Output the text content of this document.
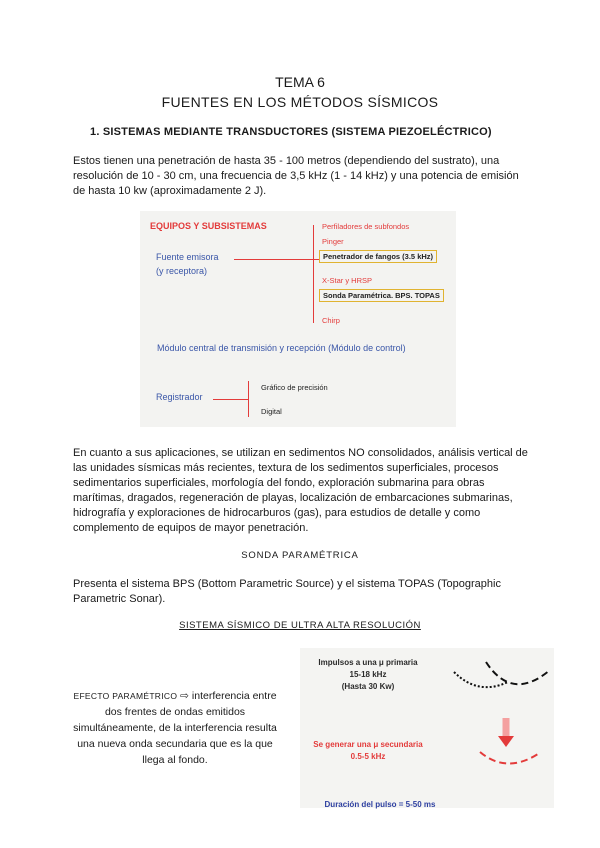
TEMA 6
FUENTES EN LOS MÉTODOS SÍSMICOS
1. SISTEMAS MEDIANTE TRANSDUCTORES (SISTEMA PIEZOELÉCTRICO)
Estos tienen una penetración de hasta 35 - 100 metros (dependiendo del sustrato), una resolución de 10 - 30 cm, una frecuencia de 3,5 kHz (1 - 14 kHz) y una potencia de emisión de hasta 10 kw (aproximadamente 2 J).
EQUIPOS Y SUBSISTEMAS
Fuente emisora
(y receptora)
Perfiladores de subfondos
Pinger
Penetrador de fangos (3.5 kHz)
X-Star y HRSP
Sonda Paramétrica. BPS. TOPAS
Chirp
Módulo central de transmisión y recepción (Módulo de control)
Registrador
Gráfico de precisión
Digital
En cuanto a sus aplicaciones, se utilizan en sedimentos NO consolidados, análisis vertical de las unidades sísmicas más recientes, textura de los sedimentos superficiales, procesos sedimentarios superficiales, morfología del fondo, exploración submarina para obras marítimas, dragados, regeneración de playas, localización de embarcaciones submarinas, hidrografía y exploraciones de hidrocarburos (gas), para estudios de detalle y como complemento de equipos de mayor penetración.
SONDA PARAMÉTRICA
Presenta el sistema BPS (Bottom Parametric Source) y el sistema TOPAS (Topographic Parametric Sonar).
SISTEMA SÍSMICO DE ULTRA ALTA RESOLUCIÓN
EFECTO PARAMÉTRICO ⇨ interferencia entre dos frentes de ondas emitidos simultáneamente, de la interferencia resulta una nueva onda secundaria que es la que llega al fondo.
Impulsos a una μ primaria
15-18 kHz
(Hasta 30 Kw)
Se generar una μ secundaria
0.5-5 kHz
Duración del pulso = 5-50 ms
